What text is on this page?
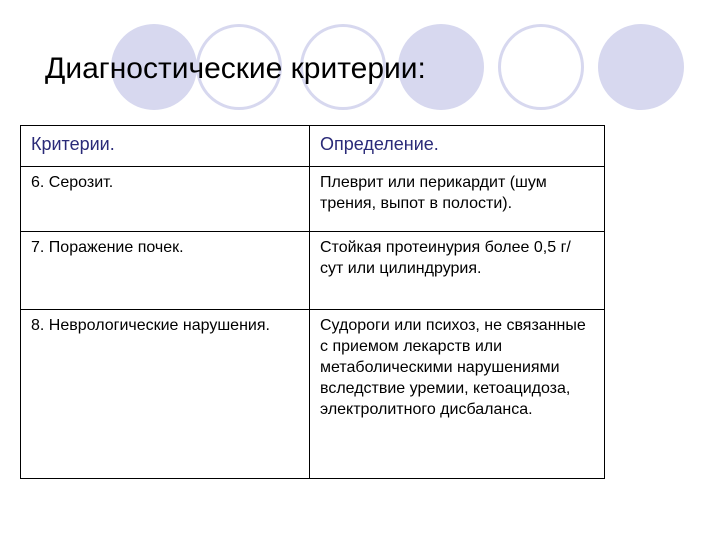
Диагностические критерии:
Критерии.	Определение.
6. Серозит.	Плеврит или перикардит (шум трения, выпот в полости).
7. Поражение почек.	Стойкая протеинурия более 0,5 г/сут или цилиндрурия.
8. Неврологические нарушения.	Судороги или психоз, не связанные с приемом лекарств или метаболическими нарушениями вследствие уремии, кетоацидоза, электролитного дисбаланса.
